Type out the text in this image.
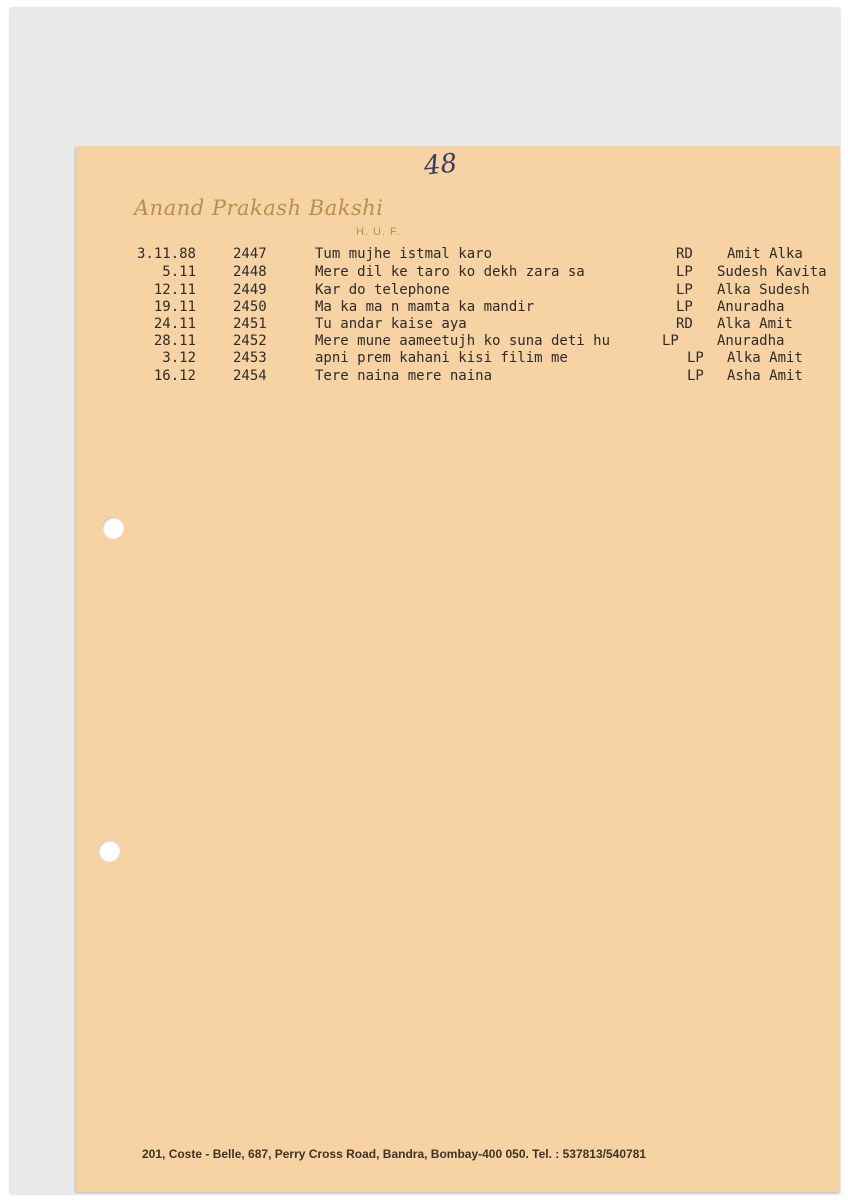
48
Anand Prakash Bakshi
H. U. F.
3.11.88	2447	Tum mujhe istmal karo	RD Amit Alka
5.11	2448	Mere dil ke taro ko dekh zara sa	LP Sudesh Kavita
12.11	2449	Kar do telephone	LP Alka Sudesh
19.11	2450	Ma ka ma n mamta ka mandir	LP Anuradha
24.11	2451	Tu andar kaise aya	RD Alka Amit
28.11	2452	Mere mune aameetujh ko suna deti hu	LP	Anuradha
3.12	2453	apni prem kahani kisi filim me	LP Alka Amit
16.12	2454	Tere naina mere naina	LP Asha Amit
201, Coste - Belle, 687, Perry Cross Road, Bandra, Bombay-400 050. Tel. : 537813/540781
